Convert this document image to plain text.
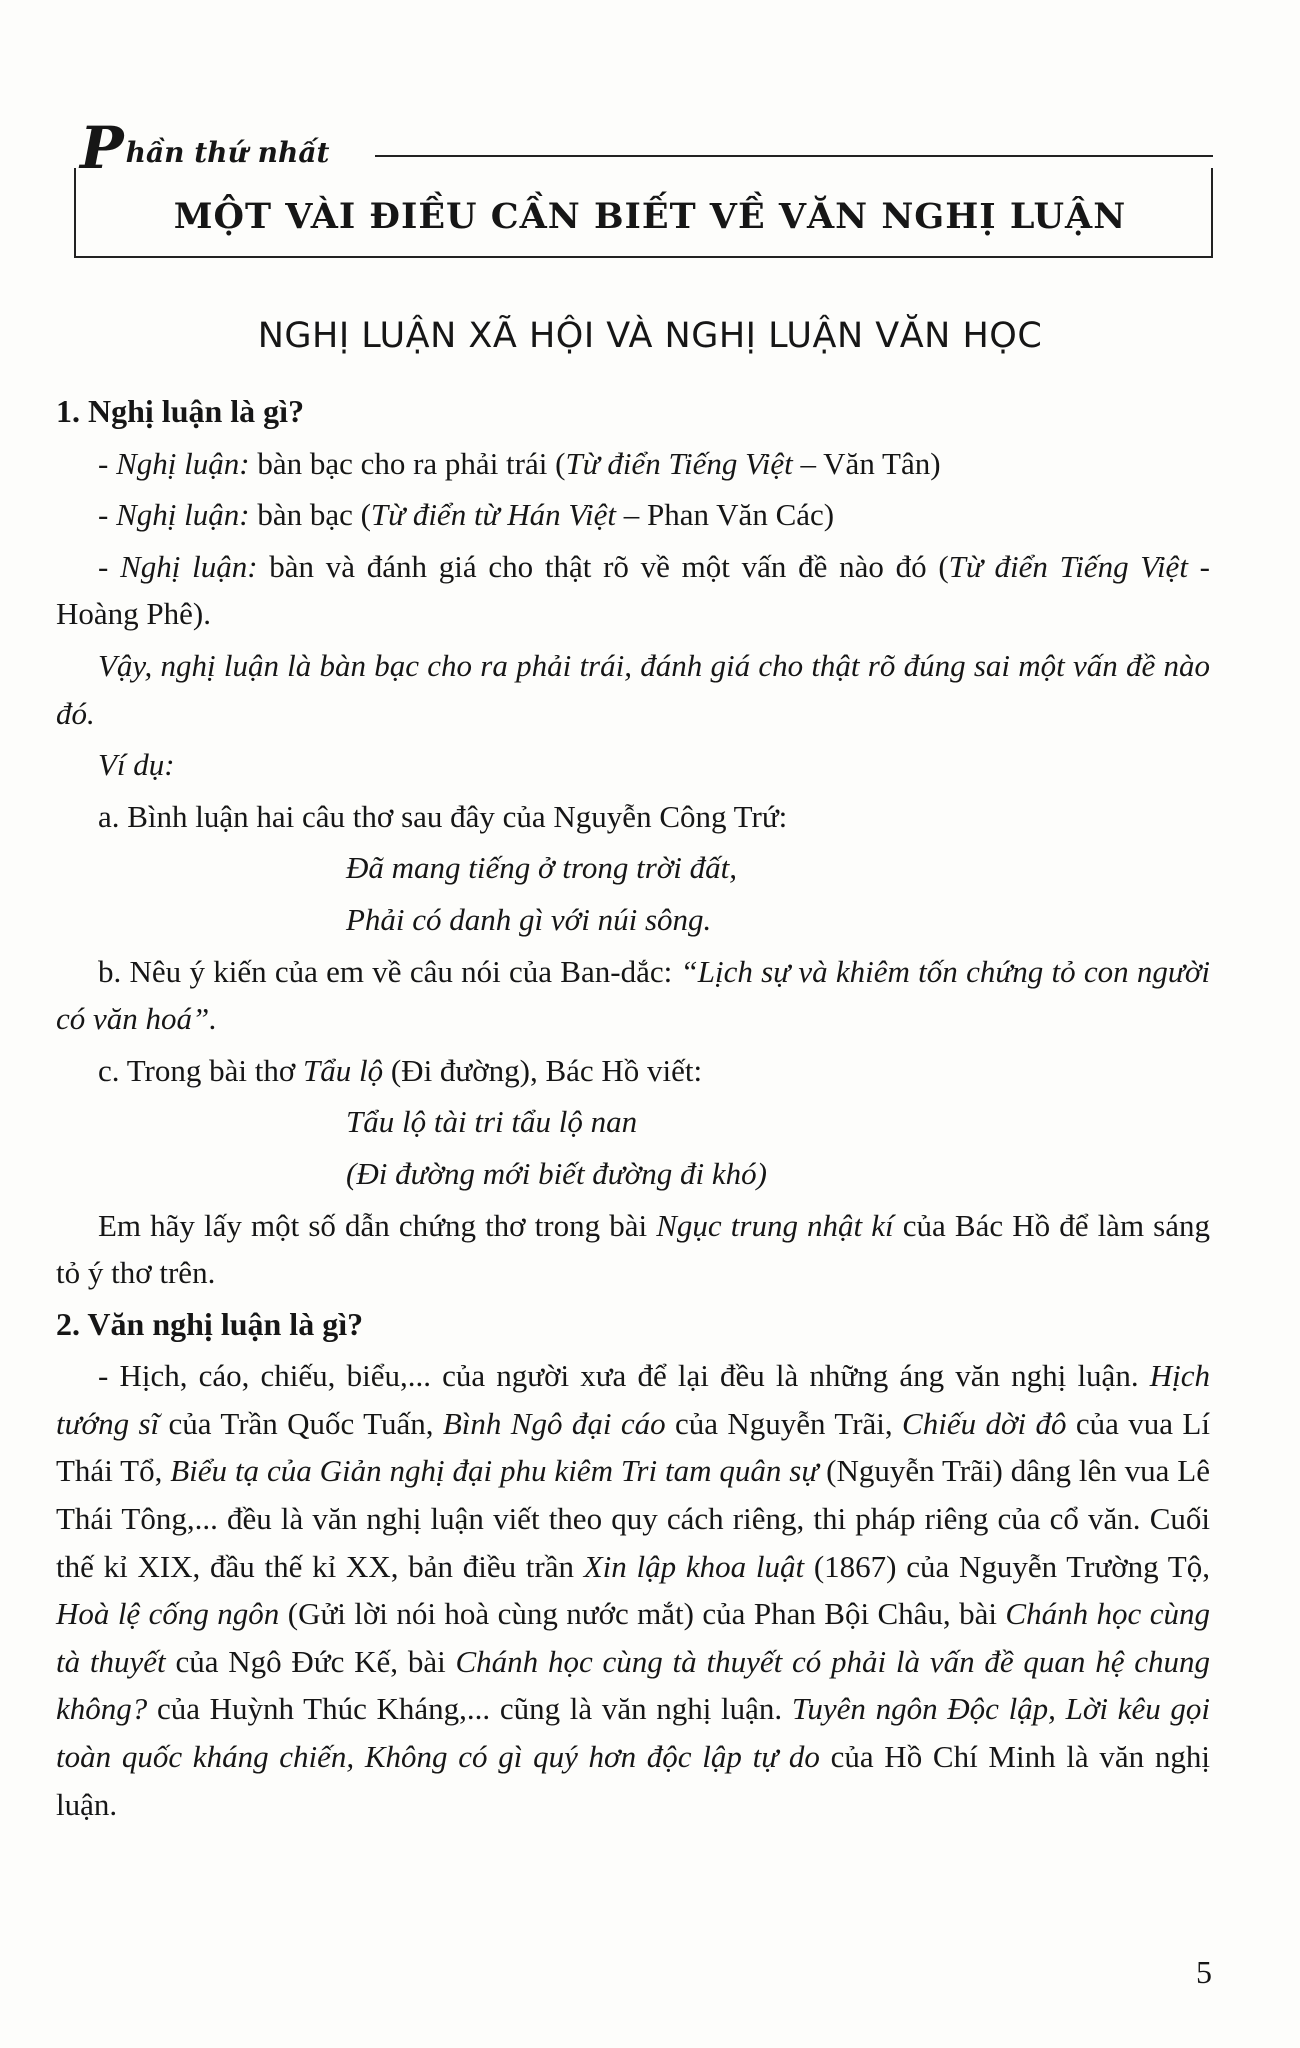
Phần thứ nhất
MỘT VÀI ĐIỀU CẦN BIẾT VỀ VĂN NGHỊ LUẬN
NGHỊ LUẬN XÃ HỘI VÀ NGHỊ LUẬN VĂN HỌC

1. Nghị luận là gì?

- Nghị luận: bàn bạc cho ra phải trái (Từ điển Tiếng Việt – Văn Tân)

- Nghị luận: bàn bạc (Từ điển từ Hán Việt – Phan Văn Các)

- Nghị luận: bàn và đánh giá cho thật rõ về một vấn đề nào đó (Từ điển Tiếng Việt - Hoàng Phê).

Vậy, nghị luận là bàn bạc cho ra phải trái, đánh giá cho thật rõ đúng sai một vấn đề nào đó.

Ví dụ:

a. Bình luận hai câu thơ sau đây của Nguyễn Công Trứ:

Đã mang tiếng ở trong trời đất,

Phải có danh gì với núi sông.

b. Nêu ý kiến của em về câu nói của Ban-dắc: “Lịch sự và khiêm tốn chứng tỏ con người có văn hoá”.

c. Trong bài thơ Tẩu lộ (Đi đường), Bác Hồ viết:

Tẩu lộ tài tri tẩu lộ nan

(Đi đường mới biết đường đi khó)

Em hãy lấy một số dẫn chứng thơ trong bài Ngục trung nhật kí của Bác Hồ để làm sáng tỏ ý thơ trên.

2. Văn nghị luận là gì?

- Hịch, cáo, chiếu, biểu,... của người xưa để lại đều là những áng văn nghị luận. Hịch tướng sĩ của Trần Quốc Tuấn, Bình Ngô đại cáo của Nguyễn Trãi, Chiếu dời đô của vua Lí Thái Tổ, Biểu tạ của Giản nghị đại phu kiêm Tri tam quân sự (Nguyễn Trãi) dâng lên vua Lê Thái Tông,... đều là văn nghị luận viết theo quy cách riêng, thi pháp riêng của cổ văn. Cuối thế kỉ XIX, đầu thế kỉ XX, bản điều trần Xin lập khoa luật (1867) của Nguyễn Trường Tộ, Hoà lệ cống ngôn (Gửi lời nói hoà cùng nước mắt) của Phan Bội Châu, bài Chánh học cùng tà thuyết của Ngô Đức Kế, bài Chánh học cùng tà thuyết có phải là vấn đề quan hệ chung không? của Huỳnh Thúc Kháng,... cũng là văn nghị luận. Tuyên ngôn Độc lập, Lời kêu gọi toàn quốc kháng chiến, Không có gì quý hơn độc lập tự do của Hồ Chí Minh là văn nghị luận.

5
